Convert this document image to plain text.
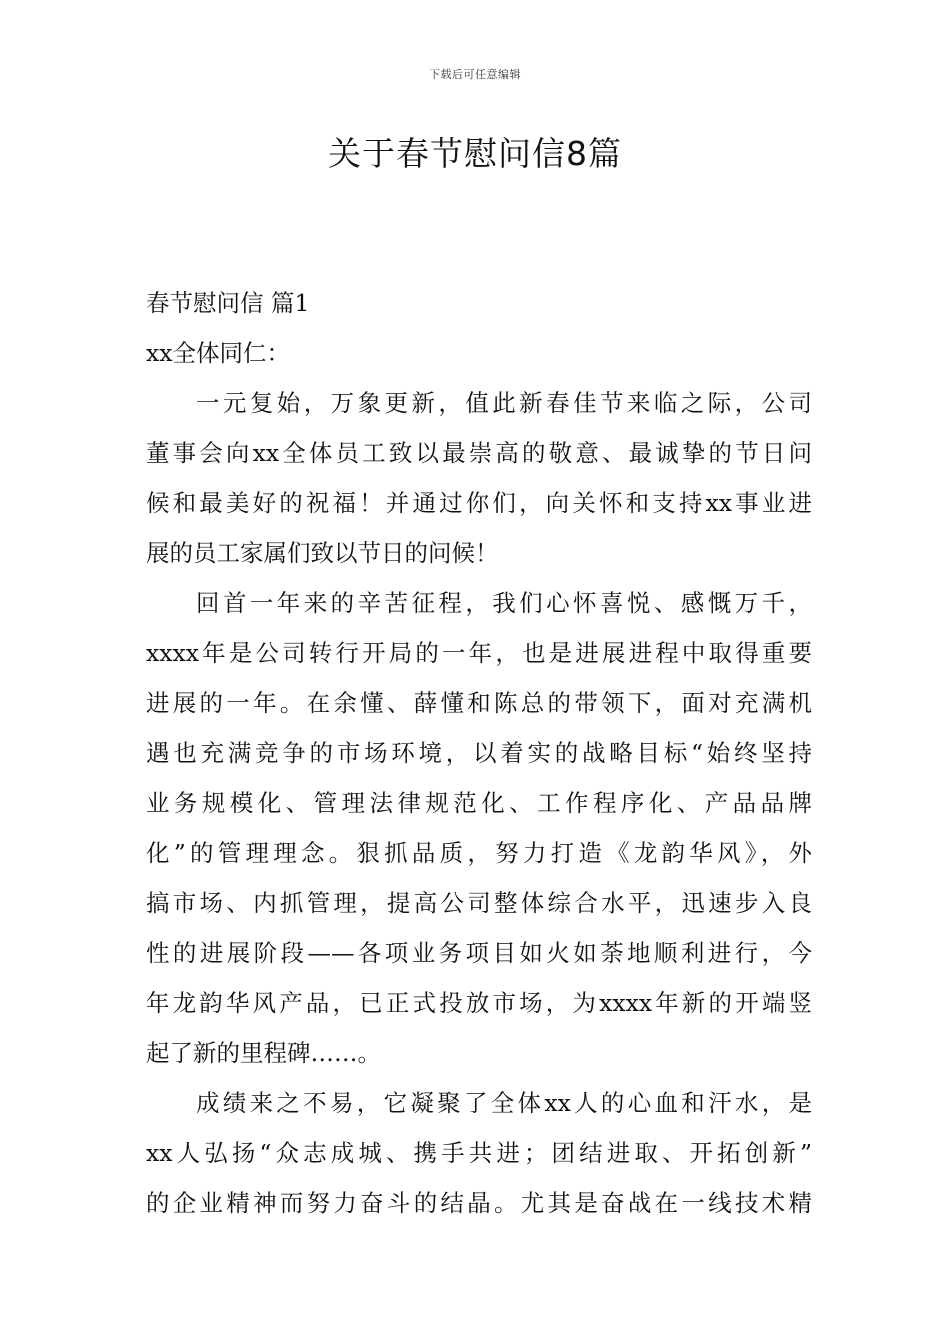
下载后可任意编辑
关于春节慰问信8篇

春节慰问信 篇1

xx全体同仁：

一元复始，万象更新，值此新春佳节来临之际，公司

董事会向xx全体员工致以最崇高的敬意、最诚挚的节日问

候和最美好的祝福！并通过你们，向关怀和支持xx事业进

展的员工家属们致以节日的问候！

回首一年来的辛苦征程，我们心怀喜悦、感慨万千，

xxxx年是公司转行开局的一年，也是进展进程中取得重要

进展的一年。在余懂、薛懂和陈总的带领下，面对充满机

遇也充满竞争的市场环境，以着实的战略目标“始终坚持

业务规模化、管理法律规范化、工作程序化、产品品牌

化”的管理理念。狠抓品质，努力打造《龙韵华风》，外

搞市场、内抓管理，提高公司整体综合水平，迅速步入良

性的进展阶段——各项业务项目如火如荼地顺利进行，今

年龙韵华风产品，已正式投放市场，为xxxx年新的开端竖

起了新的里程碑……。

成绩来之不易，它凝聚了全体xx人的心血和汗水，是

xx人弘扬“众志成城、携手共进；团结进取、开拓创新”

的企业精神而努力奋斗的结晶。尤其是奋战在一线技术精
